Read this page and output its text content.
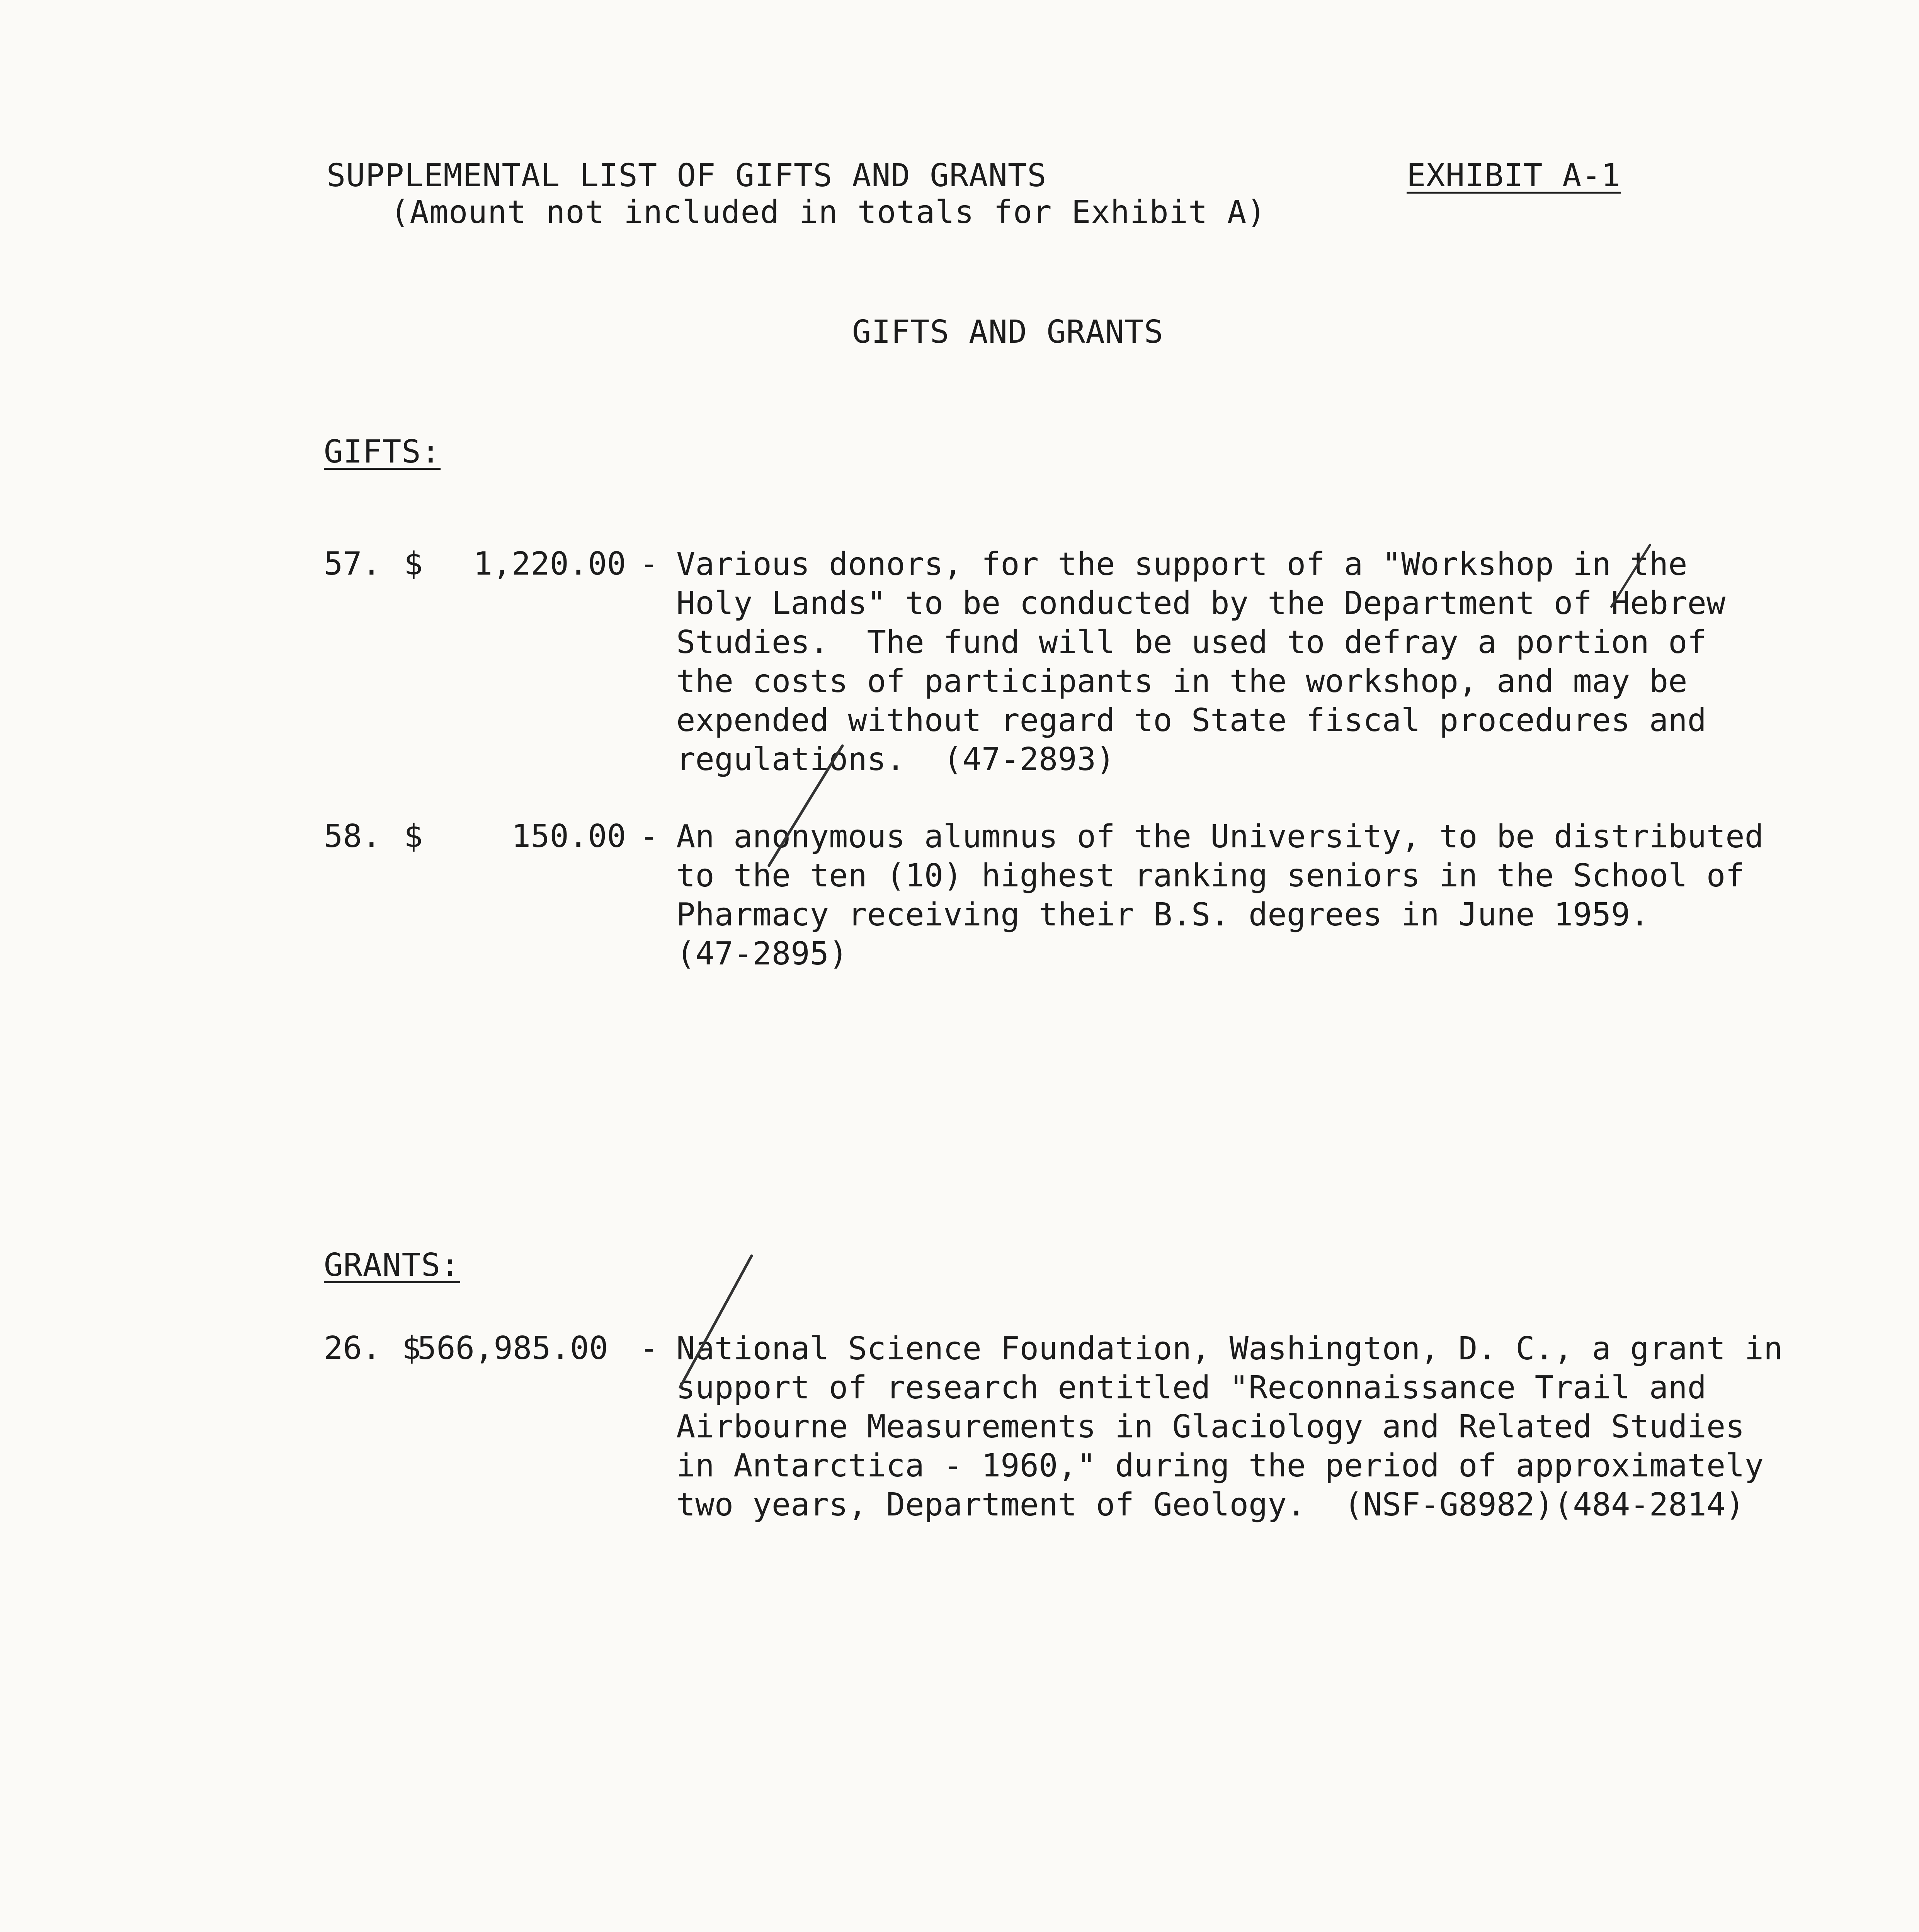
SUPPLEMENTAL LIST OF GIFTS AND GRANTS
(Amount not included in totals for Exhibit A)
EXHIBIT A-1
GIFTS AND GRANTS
GIFTS:
57. $	1,220.00 - Various donors, for the support of a "Workshop in the
Holy Lands" to be conducted by the Department of Hebrew
Studies.  The fund will be used to defray a portion of
the costs of participants in the workshop, and may be
expended without regard to State fiscal procedures and
regulations.  (47-2893)
58. $	150.00 - An anonymous alumnus of the University, to be distributed
to the ten (10) highest ranking seniors in the School of
Pharmacy receiving their B.S. degrees in June 1959.
(47-2895)
GRANTS:
26. $
566,985.00 - National Science Foundation, Washington, D. C., a grant in
support of research entitled "Reconnaissance Trail and
Airbourne Measurements in Glaciology and Related Studies
in Antarctica - 1960," during the period of approximately
two years, Department of Geology.  (NSF-G8982)(484-2814)
